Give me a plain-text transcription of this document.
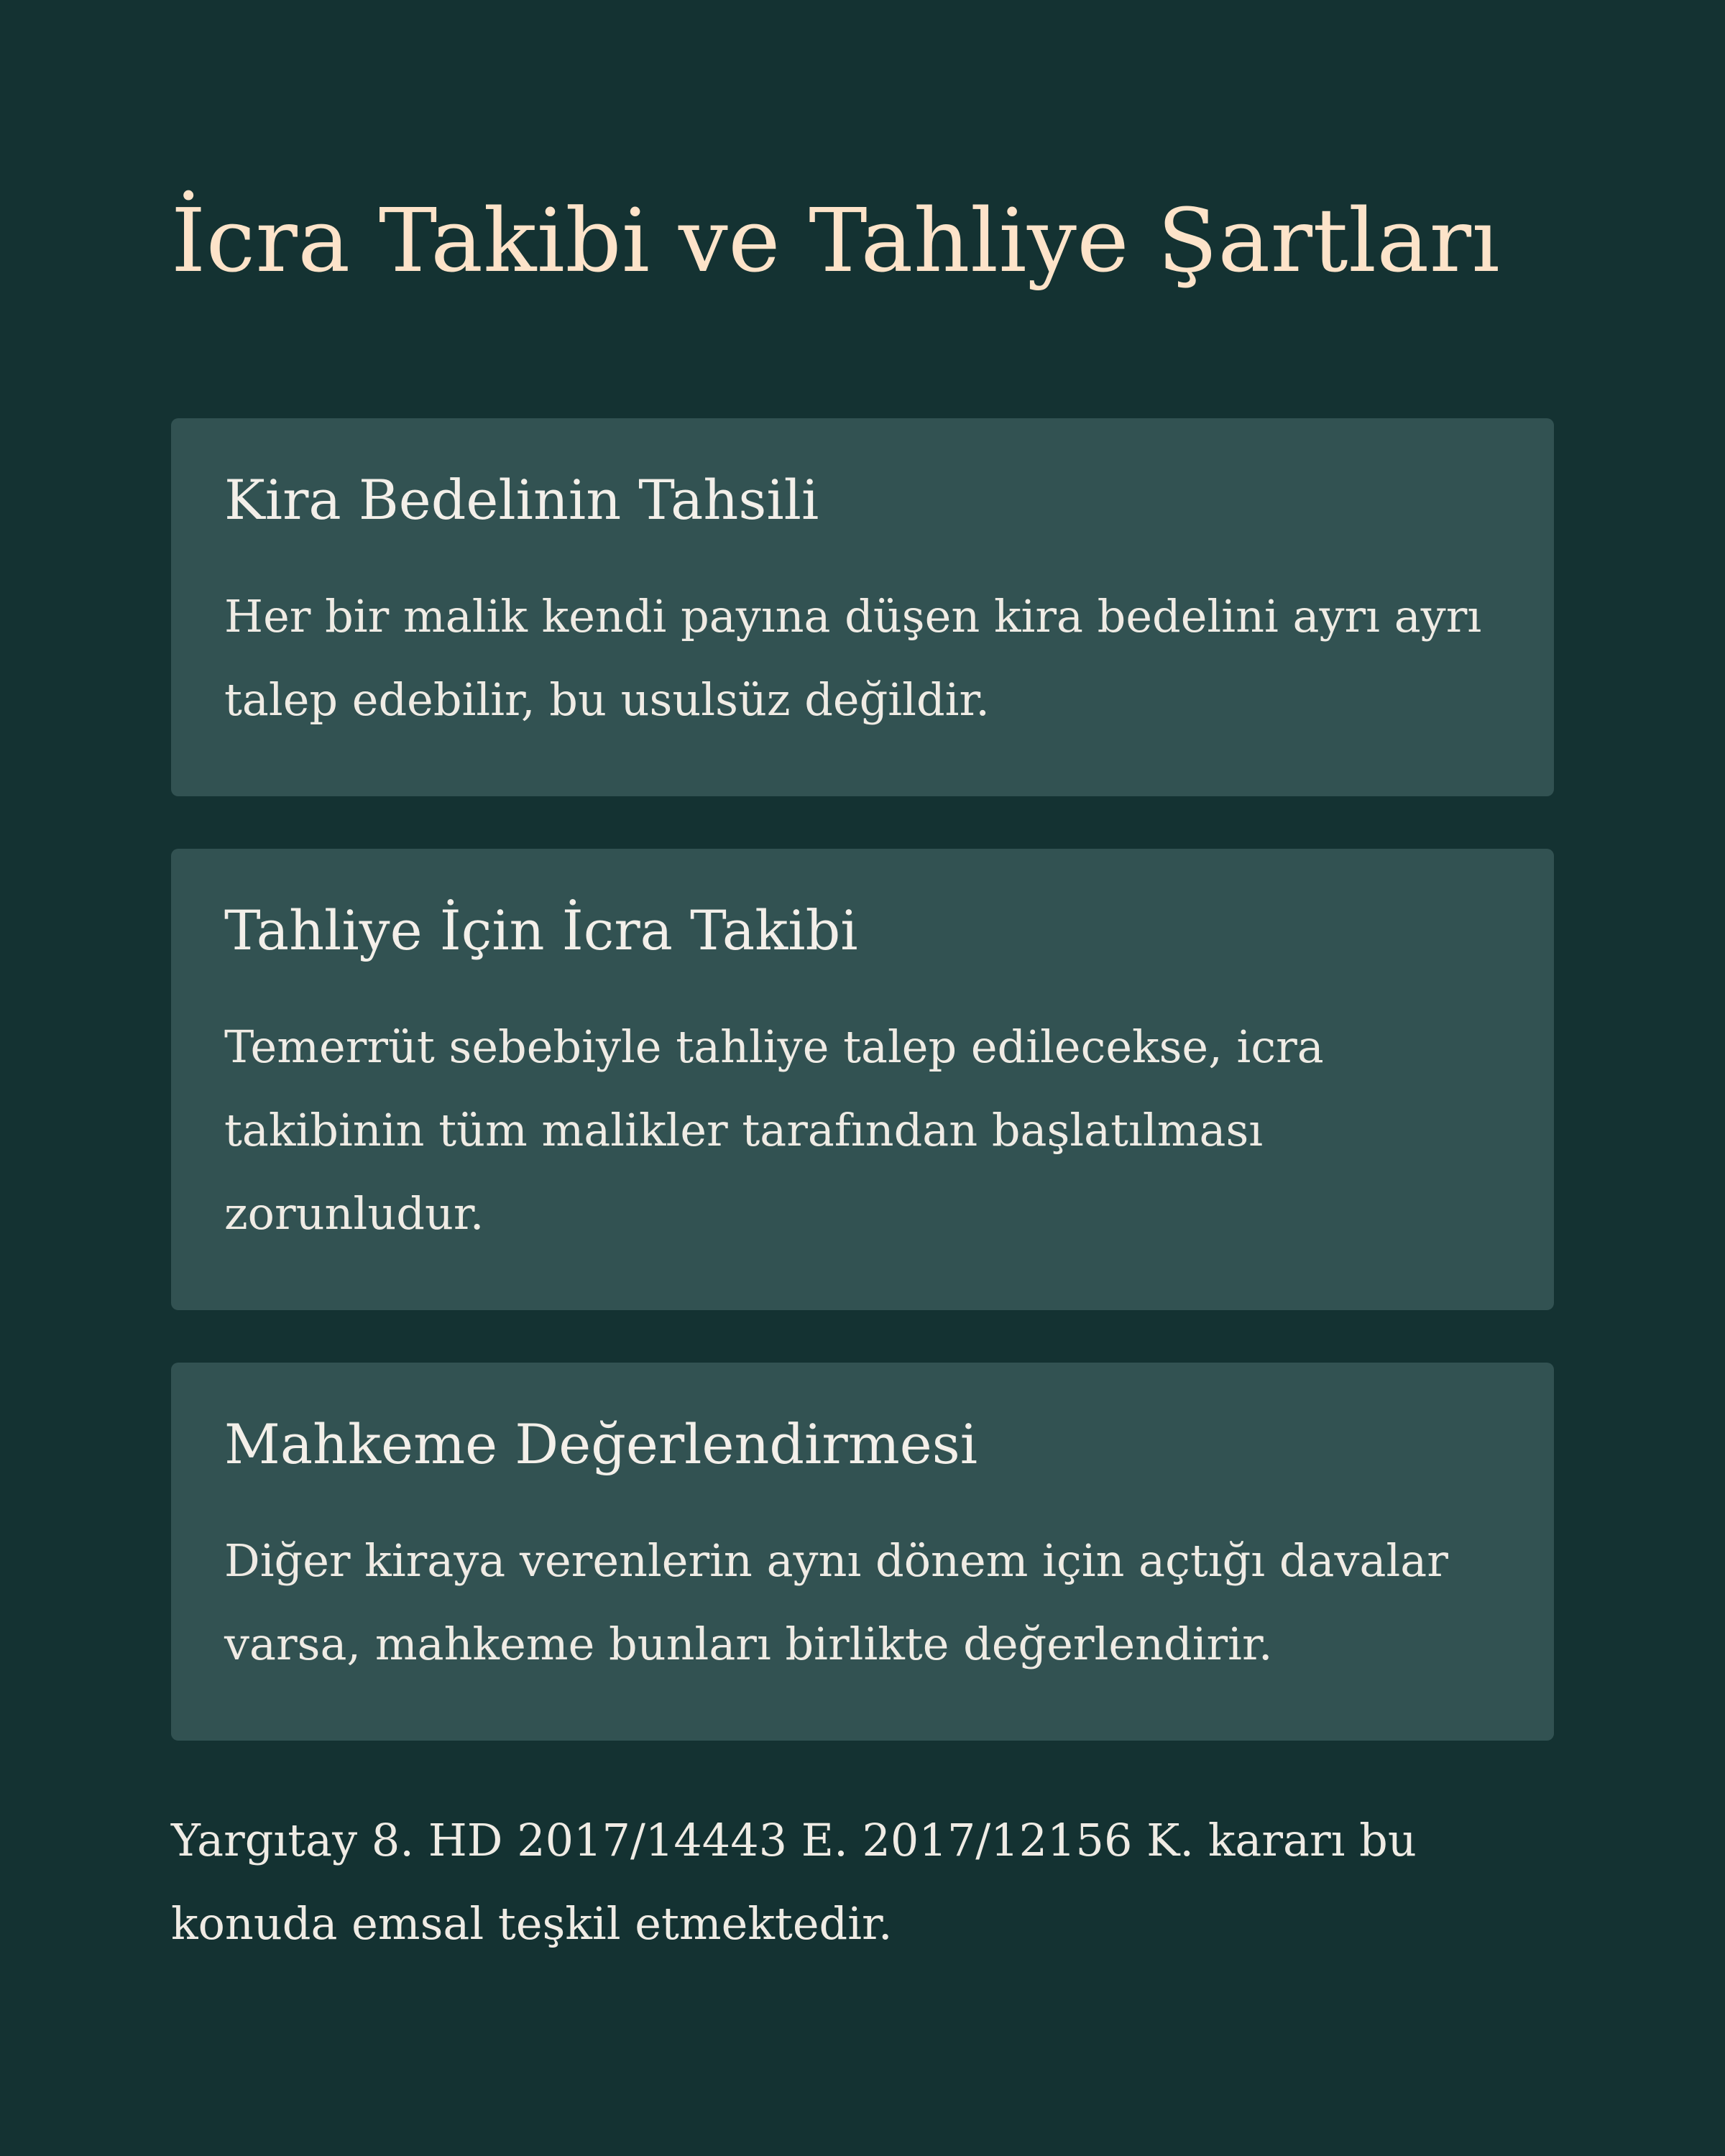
İcra Takibi ve Tahliye Şartları
Kira Bedelinin Tahsili

Her bir malik kendi payına düşen kira bedelini ayrı ayrı talep edebilir, bu usulsüz değildir.

Tahliye İçin İcra Takibi

Temerrüt sebebiyle tahliye talep edilecekse, icra takibinin tüm malikler tarafından başlatılması zorunludur.

Mahkeme Değerlendirmesi

Diğer kiraya verenlerin aynı dönem için açtığı davalar varsa, mahkeme bunları birlikte değerlendirir.

Yargıtay 8. HD 2017/14443 E. 2017/12156 K. kararı bu konuda emsal teşkil etmektedir.
